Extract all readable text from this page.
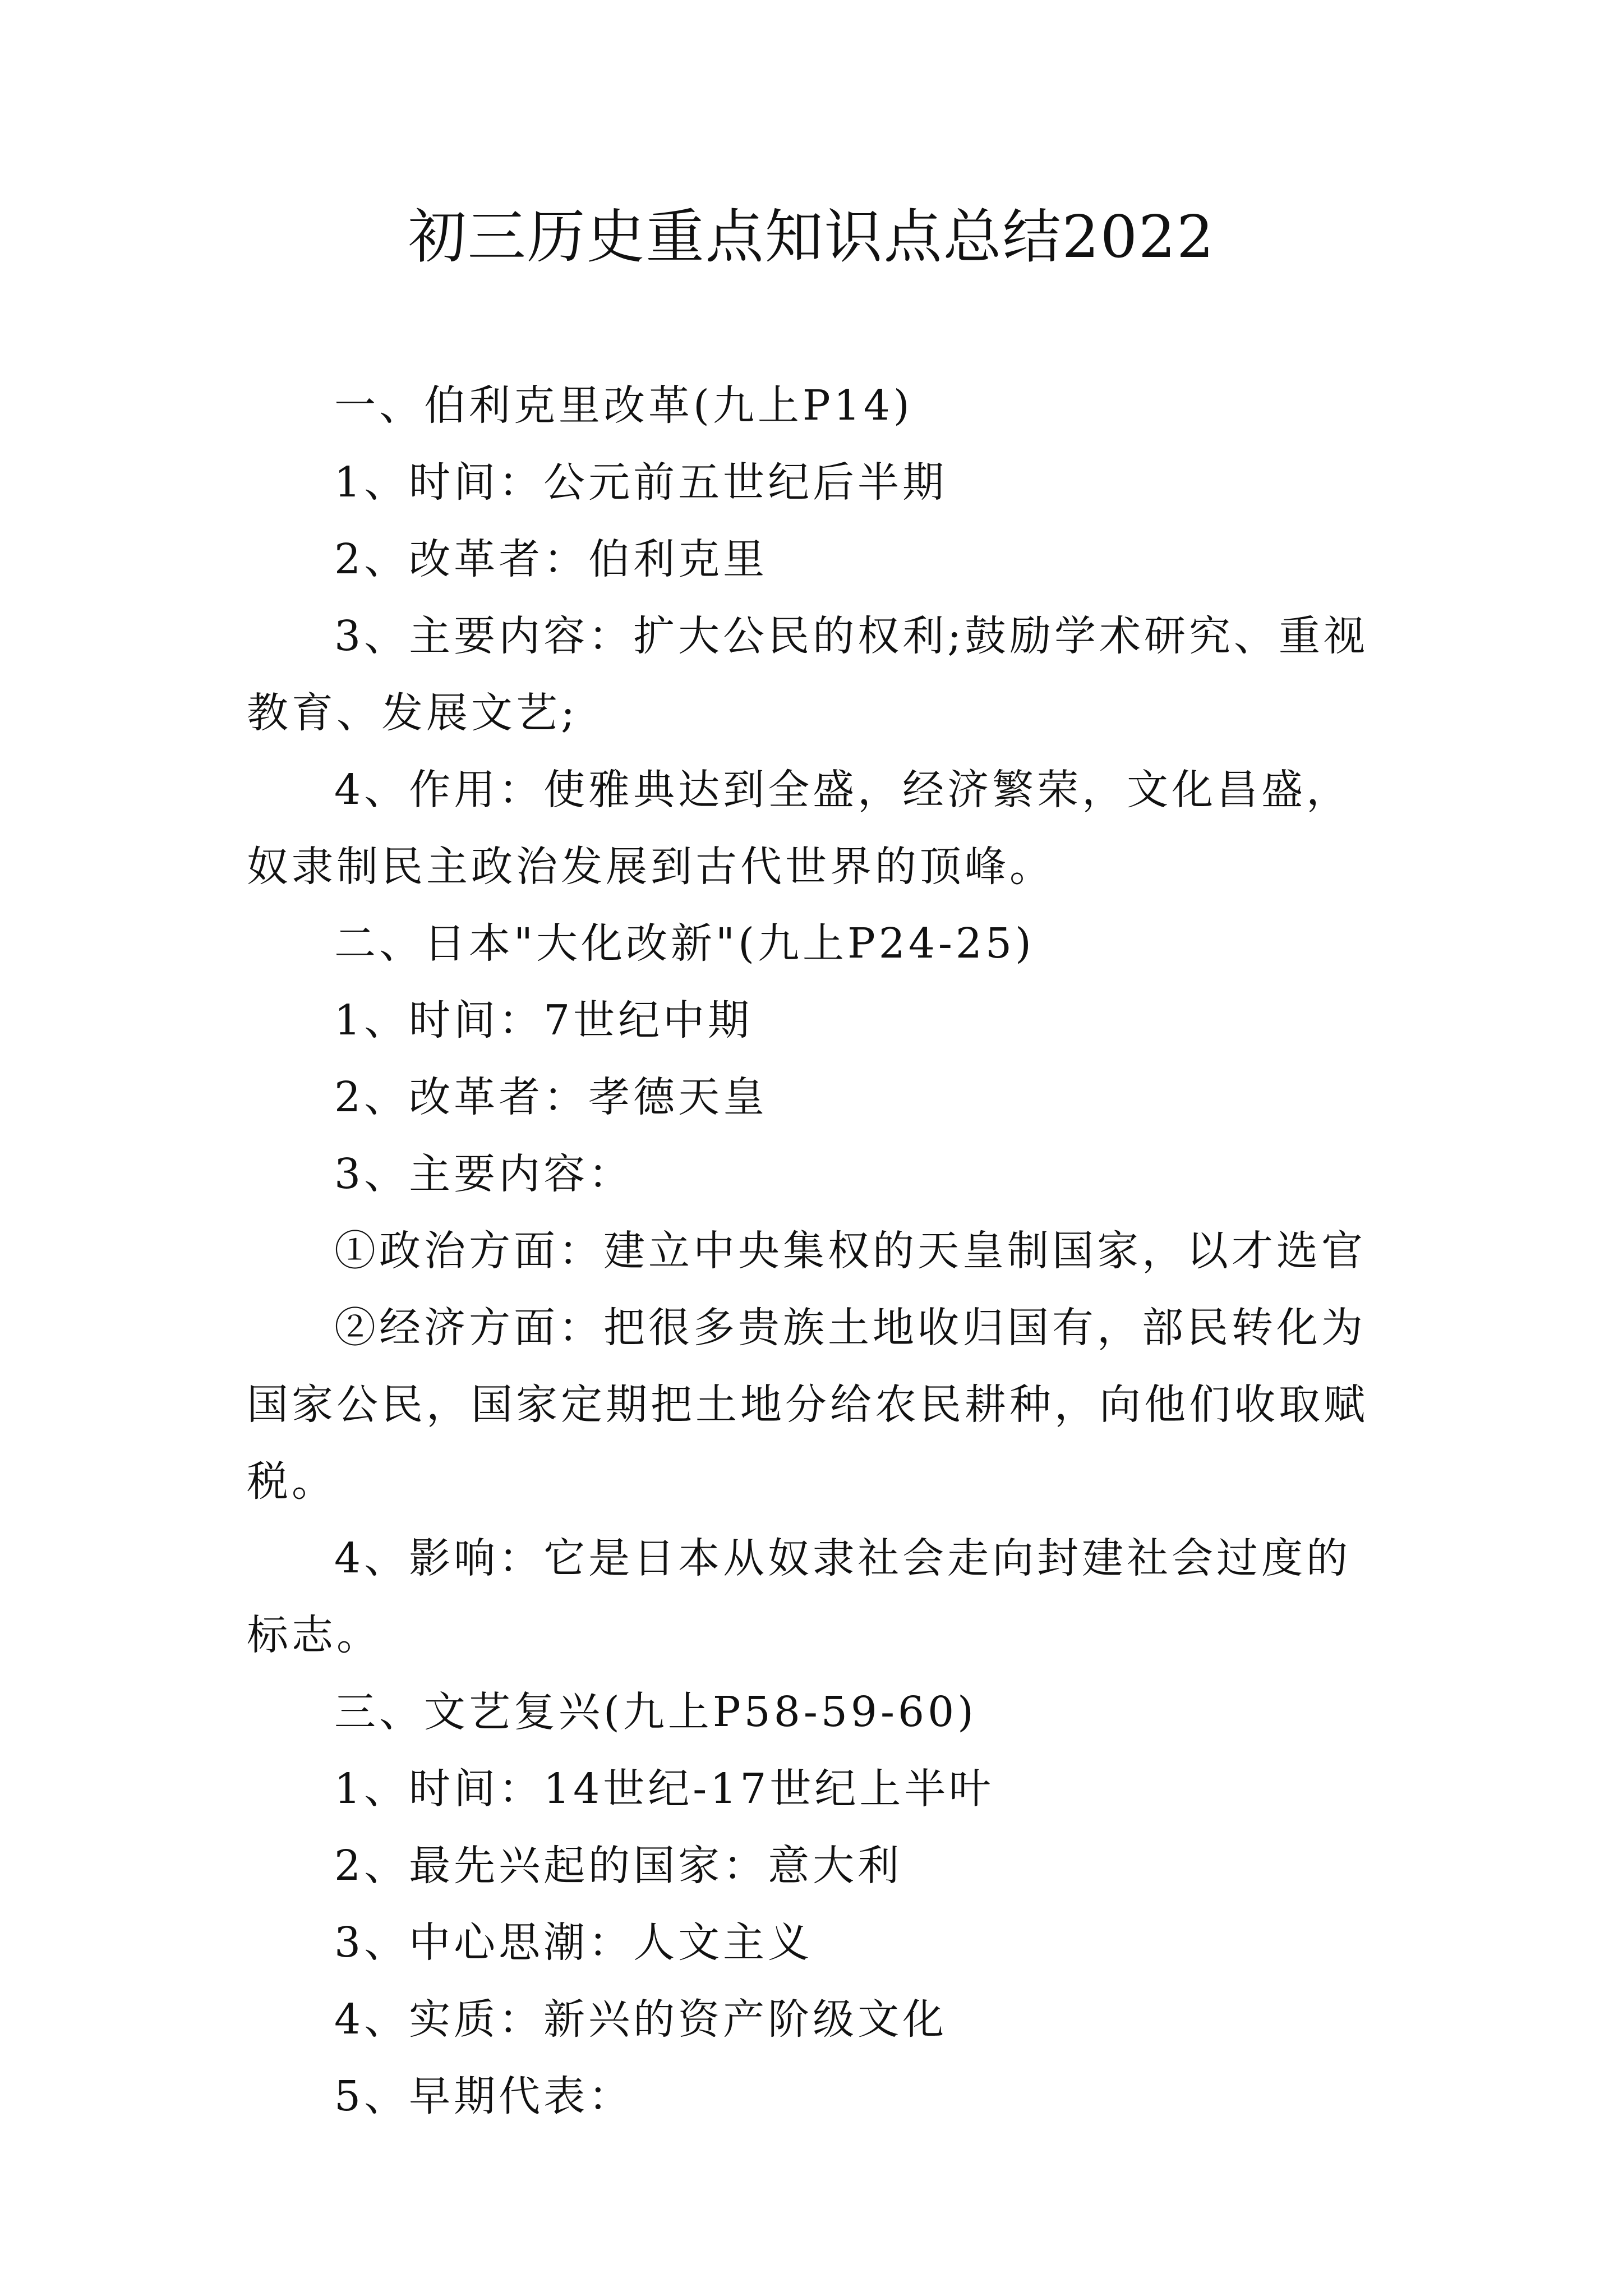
初三历史重点知识点总结2022

一、伯利克里改革(九上P14)

1、时间：公元前五世纪后半期

2、改革者：伯利克里

3、主要内容：扩大公民的权利;鼓励学术研究、重视教育、发展文艺;

4、作用：使雅典达到全盛，经济繁荣，文化昌盛，奴隶制民主政治发展到古代世界的顶峰。

二、日本"大化改新"(九上P24-25)

1、时间：7世纪中期

2、改革者：孝德天皇

3、主要内容：

①政治方面：建立中央集权的天皇制国家，以才选官

②经济方面：把很多贵族土地收归国有，部民转化为国家公民，国家定期把土地分给农民耕种，向他们收取赋税。

4、影响：它是日本从奴隶社会走向封建社会过度的标志。

三、文艺复兴(九上P58-59-60)

1、时间：14世纪-17世纪上半叶

2、最先兴起的国家：意大利

3、中心思潮：人文主义

4、实质：新兴的资产阶级文化

5、早期代表：
